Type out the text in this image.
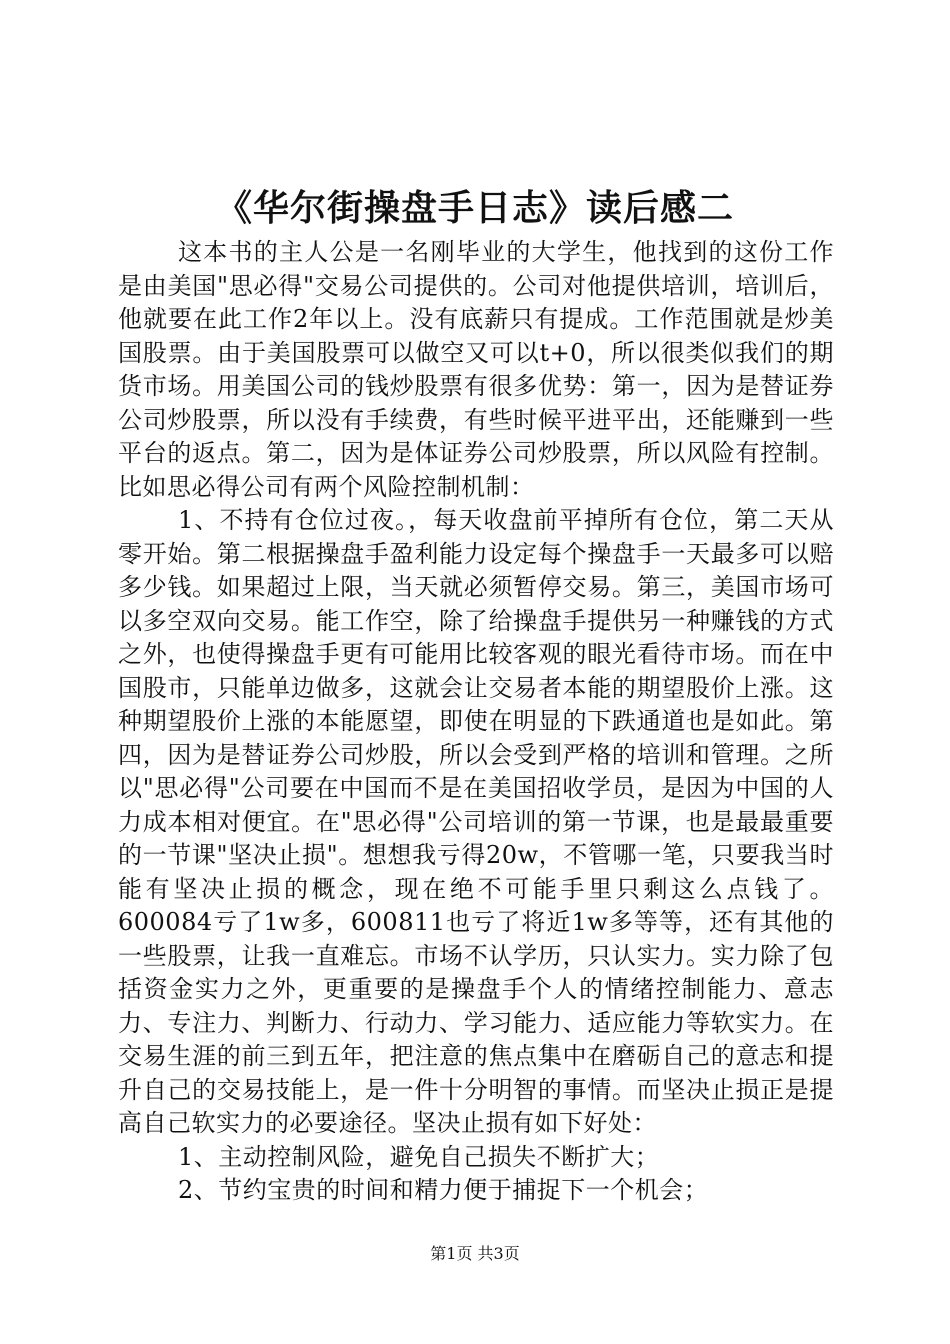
《华尔街操盘手日志》读后感二

这本书的主人公是一名刚毕业的大学生，他找到的这份工作是由美国"思必得"交易公司提供的。公司对他提供培训，培训后，他就要在此工作2年以上。没有底薪只有提成。工作范围就是炒美国股票。由于美国股票可以做空又可以t+0，所以很类似我们的期货市场。用美国公司的钱炒股票有很多优势：第一，因为是替证券公司炒股票，所以没有手续费，有些时候平进平出，还能赚到一些平台的返点。第二，因为是体证券公司炒股票，所以风险有控制。比如思必得公司有两个风险控制机制：

1、不持有仓位过夜。，每天收盘前平掉所有仓位，第二天从零开始。第二根据操盘手盈利能力设定每个操盘手一天最多可以赔多少钱。如果超过上限，当天就必须暂停交易。第三，美国市场可以多空双向交易。能工作空，除了给操盘手提供另一种赚钱的方式之外，也使得操盘手更有可能用比较客观的眼光看待市场。而在中国股市，只能单边做多，这就会让交易者本能的期望股价上涨。这种期望股价上涨的本能愿望，即使在明显的下跌通道也是如此。第四，因为是替证券公司炒股，所以会受到严格的培训和管理。之所以"思必得"公司要在中国而不是在美国招收学员，是因为中国的人力成本相对便宜。在"思必得"公司培训的第一节课，也是最最重要的一节课"坚决止损"。想想我亏得20w，不管哪一笔，只要我当时能有坚决止损的概念，现在绝不可能手里只剩这么点钱了。600084亏了1w多，600811也亏了将近1w多等等，还有其他的一些股票，让我一直难忘。市场不认学历，只认实力。实力除了包括资金实力之外，更重要的是操盘手个人的情绪控制能力、意志力、专注力、判断力、行动力、学习能力、适应能力等软实力。在交易生涯的前三到五年，把注意的焦点集中在磨砺自己的意志和提升自己的交易技能上，是一件十分明智的事情。而坚决止损正是提高自己软实力的必要途径。坚决止损有如下好处：

1、主动控制风险，避免自己损失不断扩大；

2、节约宝贵的时间和精力便于捕捉下一个机会；

第1页 共3页
